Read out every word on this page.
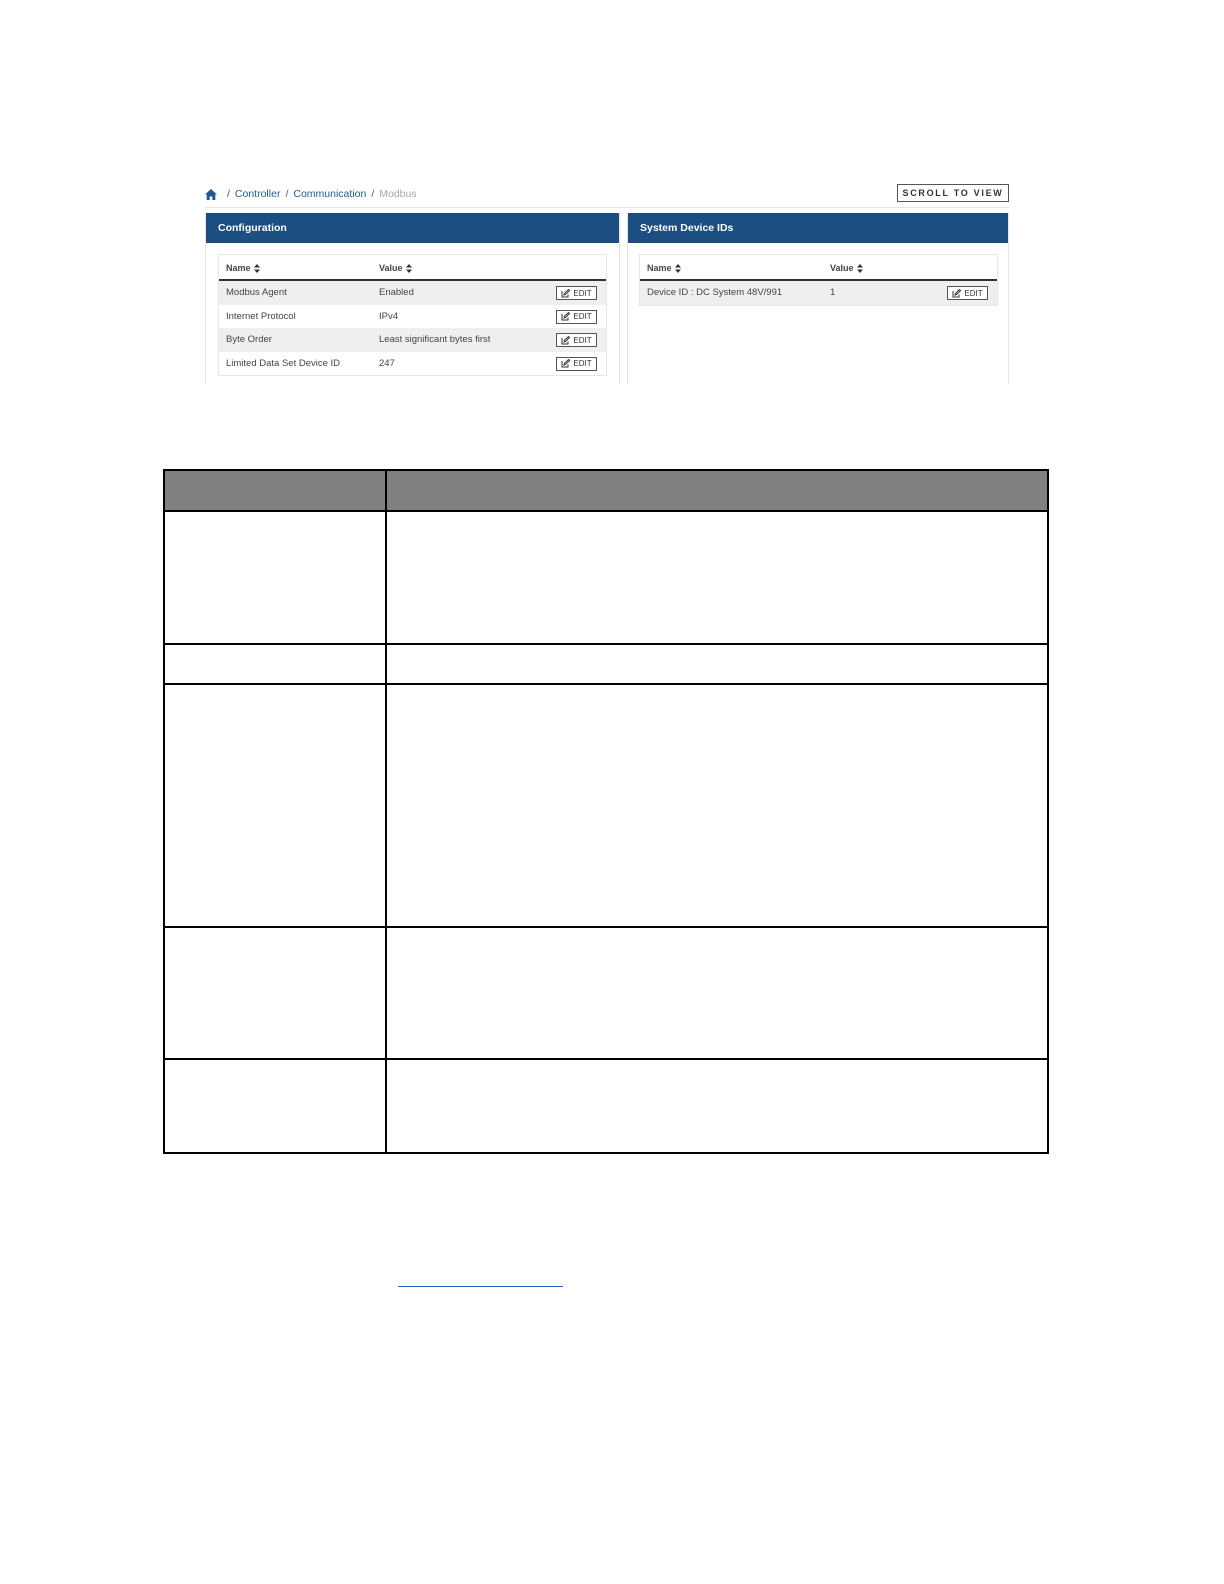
/ Controller / Communication / Modbus	SCROLL TO VIEW
Configuration
Name	Value
Modbus Agent	Enabled	EDIT
Internet Protocol	IPv4	EDIT
Byte Order	Least significant bytes first	EDIT
Limited Data Set Device ID	247	EDIT
System Device IDs
Name	Value
Device ID : DC System 48V/991	1	EDIT
